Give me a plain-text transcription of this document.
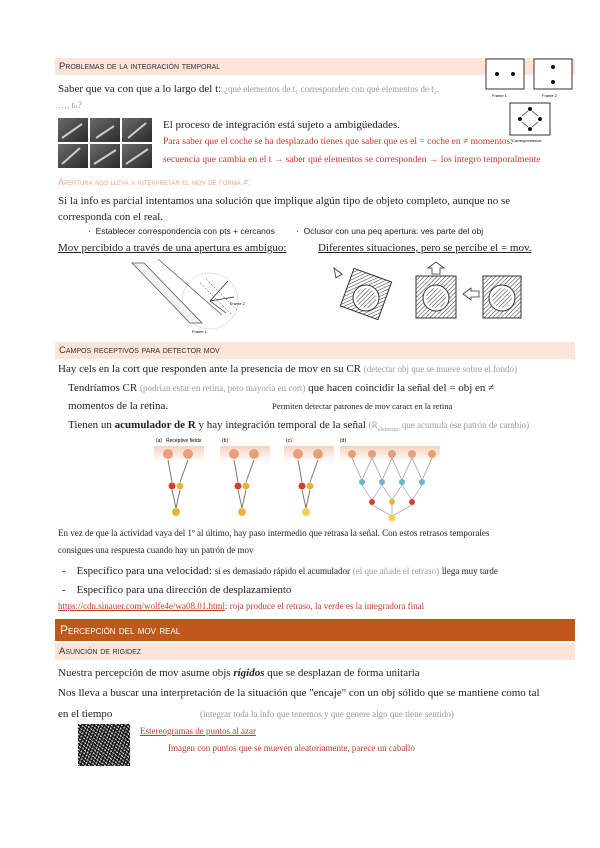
Problemas de la integración temporal
Saber que va con que a lo largo del t: ¿qué elementos de t₁ corresponden con qué elementos de t₂,
…, tₙ?
Frame 1	Frame 2
Correspondence
El proceso de integración está sujeto a ambigüedades.
Para saber que el coche se ha desplazado tienes que saber que es el = coche en ≠ momentos:
secuencia que cambia en el t → saber qué elementos se corresponden → los integro temporalmente
Apertura nos lleva a interpretar el mov de forma ≠:
Si la info es parcial intentamos una solución que implique algún tipo de objeto completo, aunque no se
corresponda con el real.
·  Establecer correspondencia con pts + cercanos ·  Oclusor con una peq apertura: ves parte del obj
Mov percibido a través de una apertura es ambiguo:	Diferentes situaciones, pero se percibe el = mov.
Frame 2
Frame 1
Campos receptivos para detector mov
Hay cels en la cort que responden ante la presencia de mov en su CR (detectar obj que se mueve sobre el fondo)
Tendríamos CR (podrían estar en retina, pero mayoría en cort) que hacen coincidir la señal del = obj en ≠
momentos de la retina.	Permiten detectar patrones de mov caract en la retina
Tienen un acumulador de R y hay integración temporal de la señal ($R_{elemento}$ que acumula ese patrón de cambio)
(a) Receptive fields	(b)	(c)	(d)
En vez de que la actividad vaya del 1º al último, hay paso intermedio que retrasa la señal. Con estos retrasos temporales
consigues una respuesta cuando hay un patrón de mov
-    Específico para una velocidad: si es demasiado rápido el acumulador (el que añade el retraso) llega muy tarde
-    Específico para una dirección de desplazamiento
https://cdn.sinauer.com/wolfe4e/wa08.01.html: roja produce el retraso, la verde es la integradora final
Percepción del mov real
Asunción de rigidez
Nuestra percepción de mov asume objs rígidos que se desplazan de forma unitaria
Nos lleva a buscar una interpretación de la situación que "encaje" con un obj sólido que se mantiene como tal
en el tiempo	(integrar toda la info que tenemos y que genere algo que tiene sentido)
Estereogramas de puntos al azar
Imagen con puntos que se mueven aleatoriamente, parece un caballo
